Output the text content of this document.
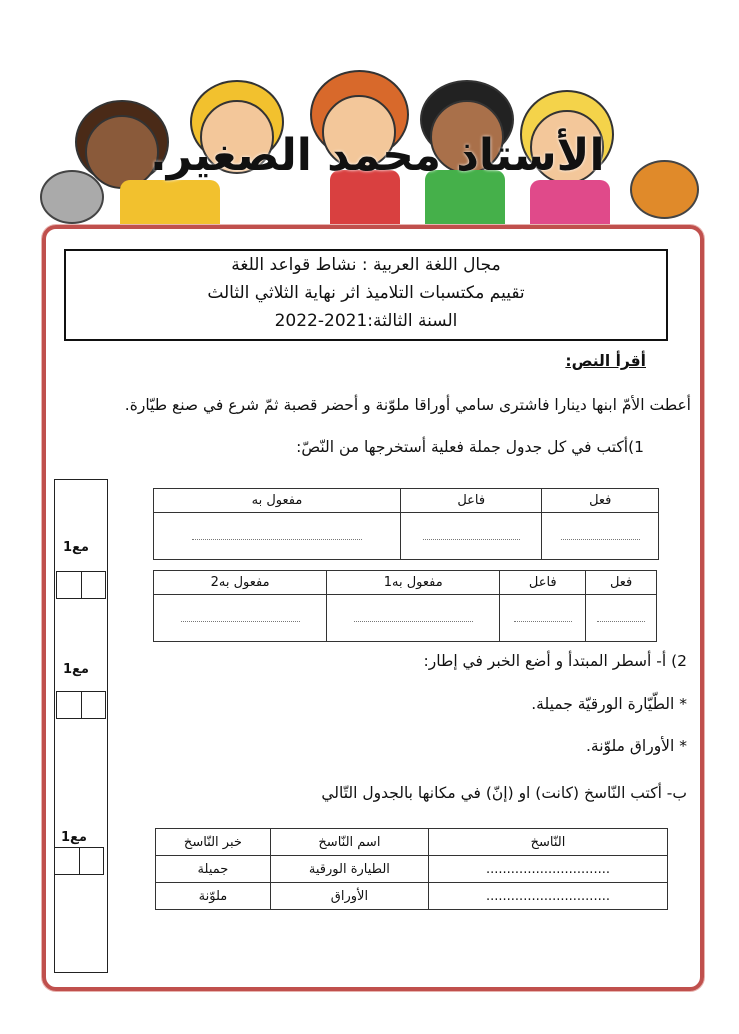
الأستاذ محمد الصغير.
مجال اللغة العربية : نشاط قواعد اللغة
تقييم مكتسبات التلاميذ اثر نهاية الثلاثي الثالث
السنة الثالثة:2021-2022
أقرأ النص:
أعطت الأمّ ابنها دينارا فاشترى سامي أوراقا ملوّنة و أحضر قصبة ثمّ شرع في صنع طيّارة.
1)أكتب في كل جدول جملة فعلية أستخرجها من النّصّ:
فعل	فاعل	مفعول به

فعل	فاعل	مفعول به1	مفعول به2

2) أ- أسطر المبتدأ و أضع الخبر في إطار:
* الطّيّارة الورقيّة جميلة.
* الأوراق ملوّنة.
ب- أكتب النّاسخ (كانت) او (إنّ) في مكانها بالجدول التّالي
النّاسخ	اسم النّاسخ	خبر النّاسخ
..............................	الطيارة الورقية	جميلة
..............................	الأوراق	ملوّنة
مع1
مع1
مع1
